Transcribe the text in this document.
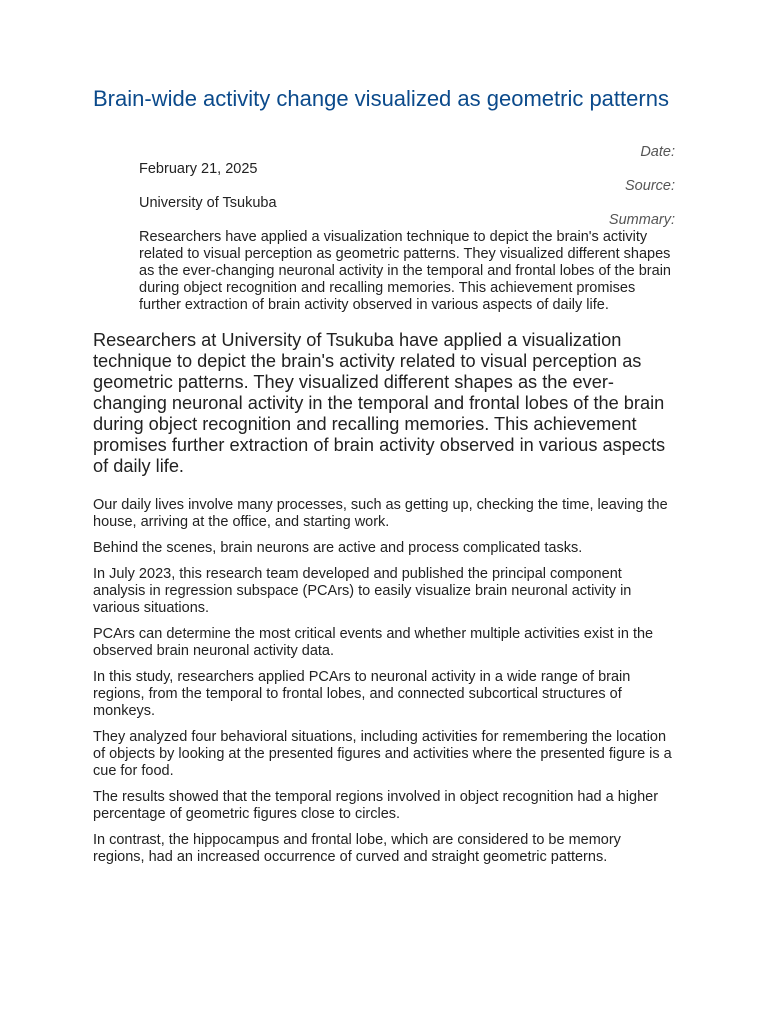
Brain-wide activity change visualized as geometric patterns
Date:
February 21, 2025
Source:
University of Tsukuba
Summary:

Researchers have applied a visualization technique to depict the brain's activity related to visual perception as geometric patterns. They visualized different shapes as the ever-changing neuronal activity in the temporal and frontal lobes of the brain during object recognition and recalling memories. This achievement promises further extraction of brain activity observed in various aspects of daily life.

Researchers at University of Tsukuba have applied a visualization technique to depict the brain's activity related to visual perception as geometric patterns. They visualized different shapes as the ever-changing neuronal activity in the temporal and frontal lobes of the brain during object recognition and recalling memories. This achievement promises further extraction of brain activity observed in various aspects of daily life.

Our daily lives involve many processes, such as getting up, checking the time, leaving the house, arriving at the office, and starting work.

Behind the scenes, brain neurons are active and process complicated tasks.

In July 2023, this research team developed and published the principal component analysis in regression subspace (PCArs) to easily visualize brain neuronal activity in various situations.

PCArs can determine the most critical events and whether multiple activities exist in the observed brain neuronal activity data.

In this study, researchers applied PCArs to neuronal activity in a wide range of brain regions, from the temporal to frontal lobes, and connected subcortical structures of monkeys.

They analyzed four behavioral situations, including activities for remembering the location of objects by looking at the presented figures and activities where the presented figure is a cue for food.

The results showed that the temporal regions involved in object recognition had a higher percentage of geometric figures close to circles.

In contrast, the hippocampus and frontal lobe, which are considered to be memory regions, had an increased occurrence of curved and straight geometric patterns.
